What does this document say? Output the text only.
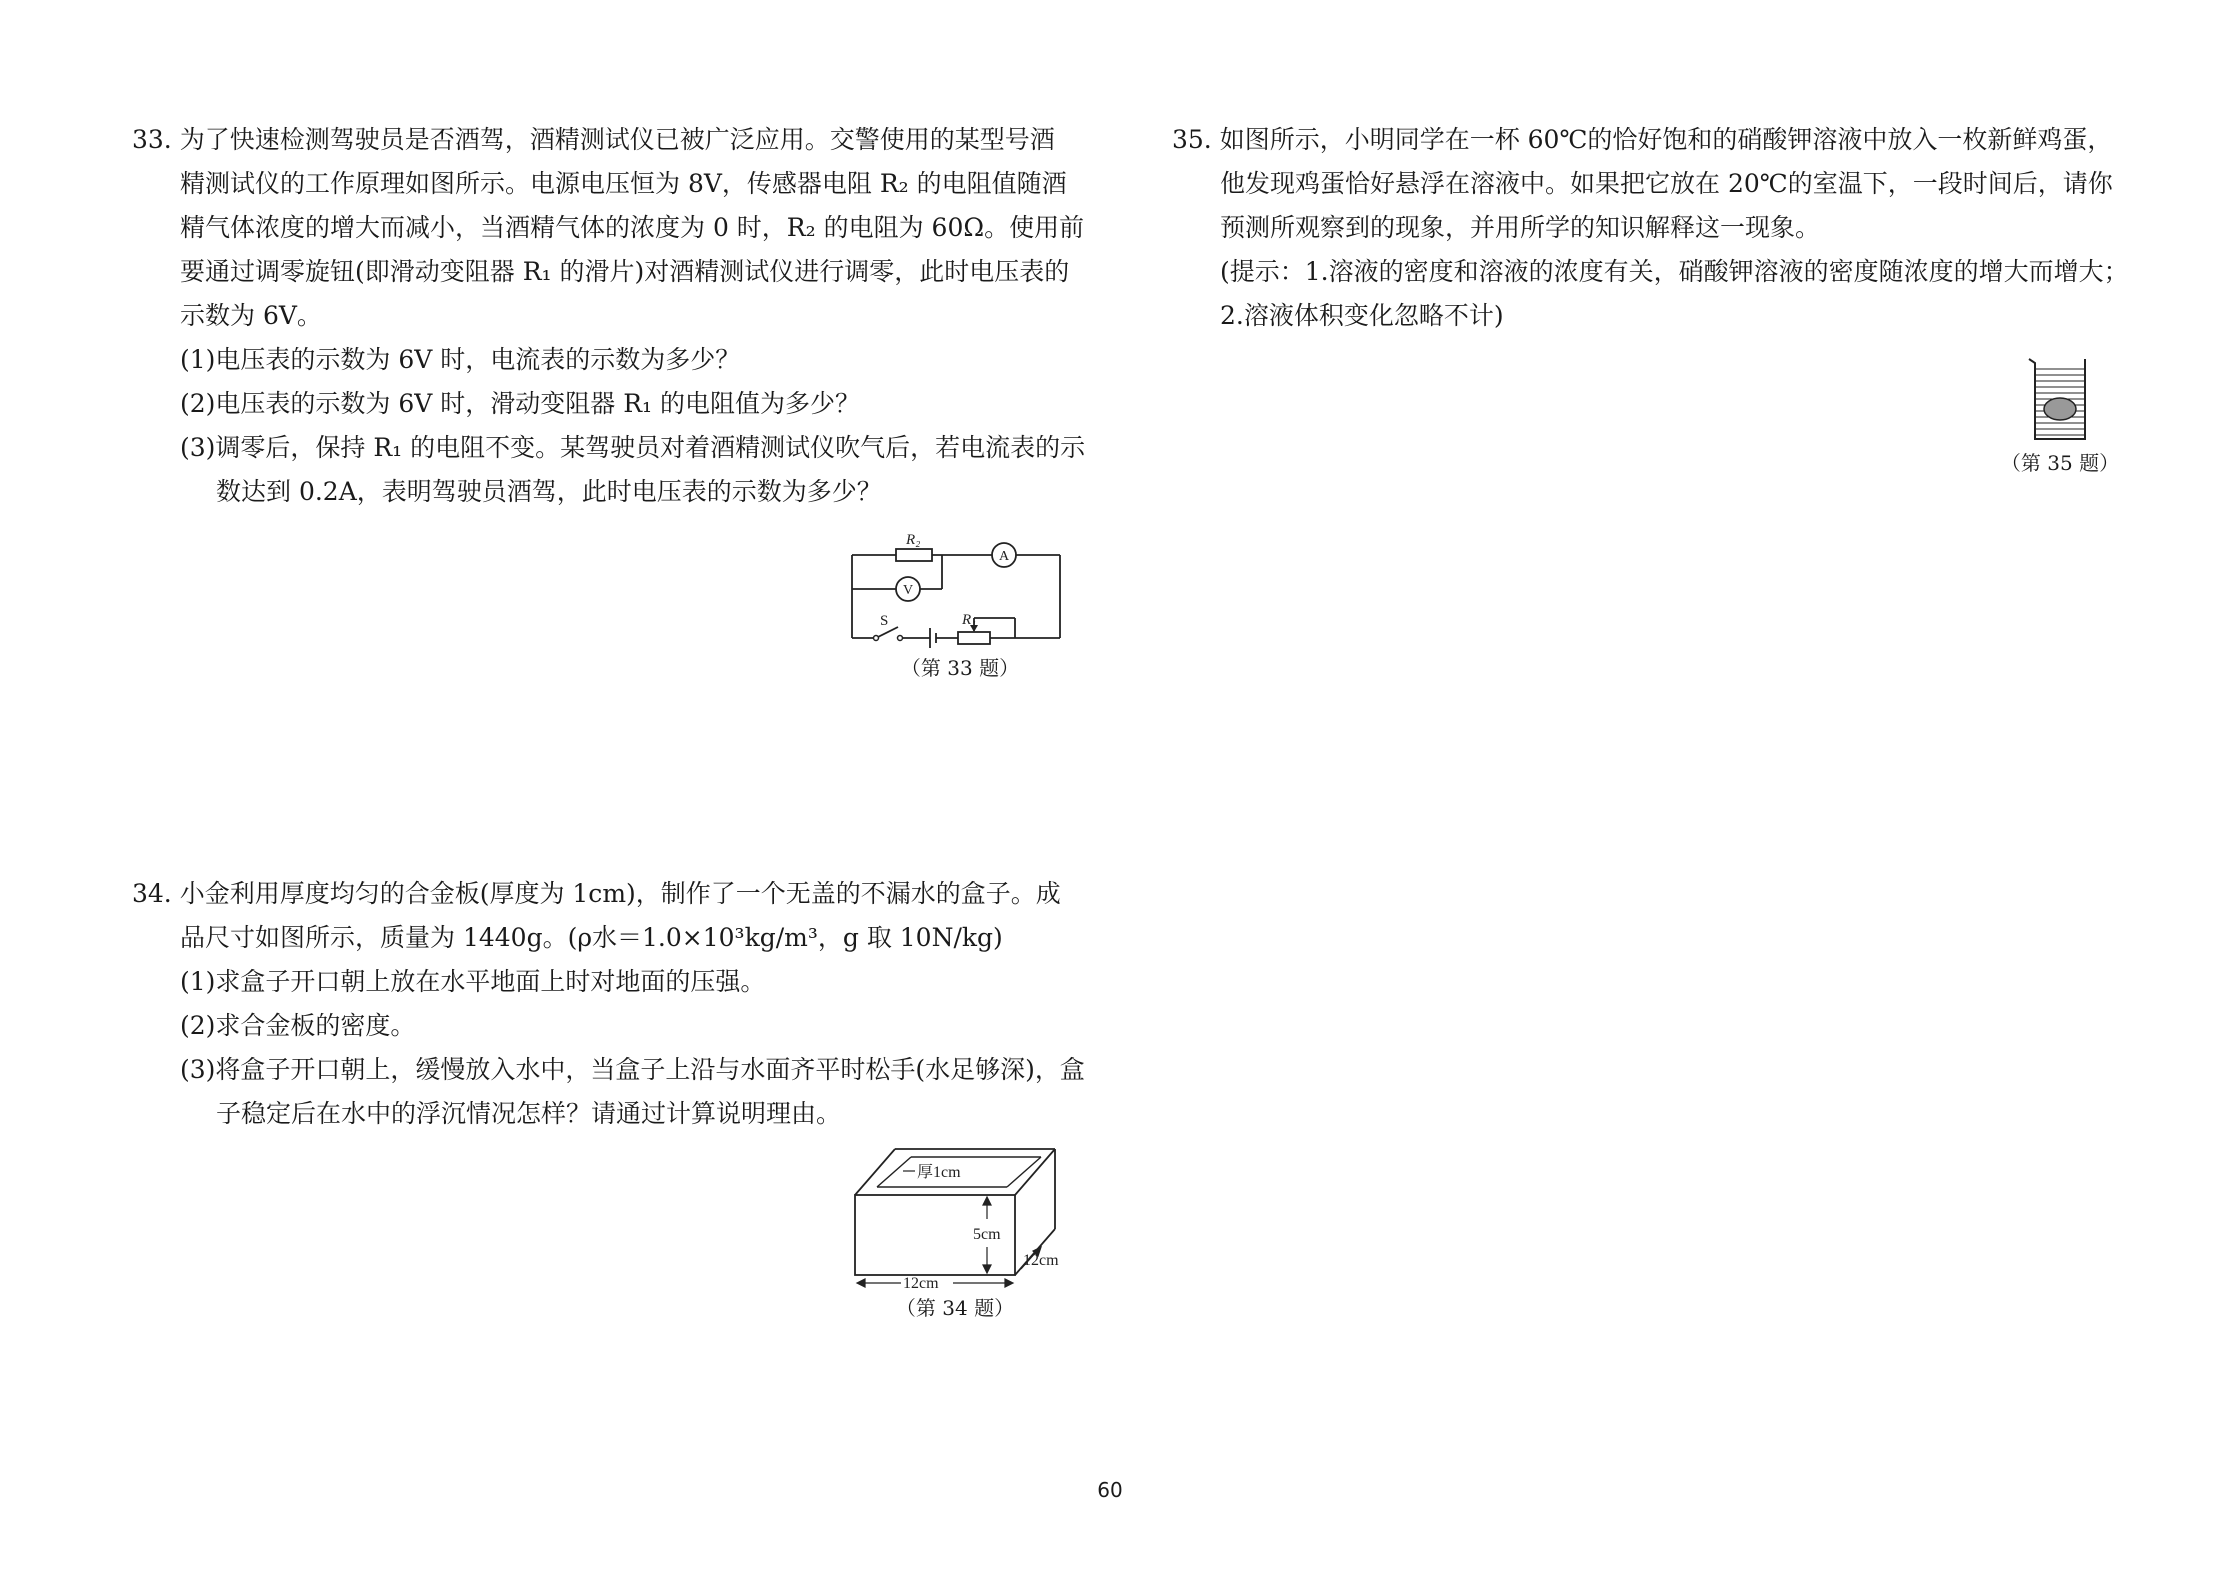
33. 为了快速检测驾驶员是否酒驾，酒精测试仪已被广泛应用。交警使用的某型号酒
精测试仪的工作原理如图所示。电源电压恒为 8V，传感器电阻 R₂ 的电阻值随酒
精气体浓度的增大而减小，当酒精气体的浓度为 0 时，R₂ 的电阻为 60Ω。使用前
要通过调零旋钮(即滑动变阻器 R₁ 的滑片)对酒精测试仪进行调零，此时电压表的
示数为 6V。
(1)电压表的示数为 6V 时，电流表的示数为多少？
(2)电压表的示数为 6V 时，滑动变阻器 R₁ 的电阻值为多少？
(3)调零后，保持 R₁ 的电阻不变。某驾驶员对着酒精测试仪吹气后，若电流表的示
数达到 0.2A，表明驾驶员酒驾，此时电压表的示数为多少？
R₂
A
V
S	R₁
（第 33 题）
34. 小金利用厚度均匀的合金板(厚度为 1cm)，制作了一个无盖的不漏水的盒子。成
品尺寸如图所示，质量为 1440g。(ρ水＝1.0×10³kg/m³，g 取 10N/kg)
(1)求盒子开口朝上放在水平地面上时对地面的压强。
(2)求合金板的密度。
(3)将盒子开口朝上，缓慢放入水中，当盒子上沿与水面齐平时松手(水足够深)，盒
子稳定后在水中的浮沉情况怎样？请通过计算说明理由。
厚1cm
5cm
12cm
12cm
（第 34 题）
35. 如图所示，小明同学在一杯 60℃的恰好饱和的硝酸钾溶液中放入一枚新鲜鸡蛋，
他发现鸡蛋恰好悬浮在溶液中。如果把它放在 20℃的室温下，一段时间后，请你
预测所观察到的现象，并用所学的知识解释这一现象。
(提示：1.溶液的密度和溶液的浓度有关，硝酸钾溶液的密度随浓度的增大而增大；
2.溶液体积变化忽略不计)
（第 35 题）
60
